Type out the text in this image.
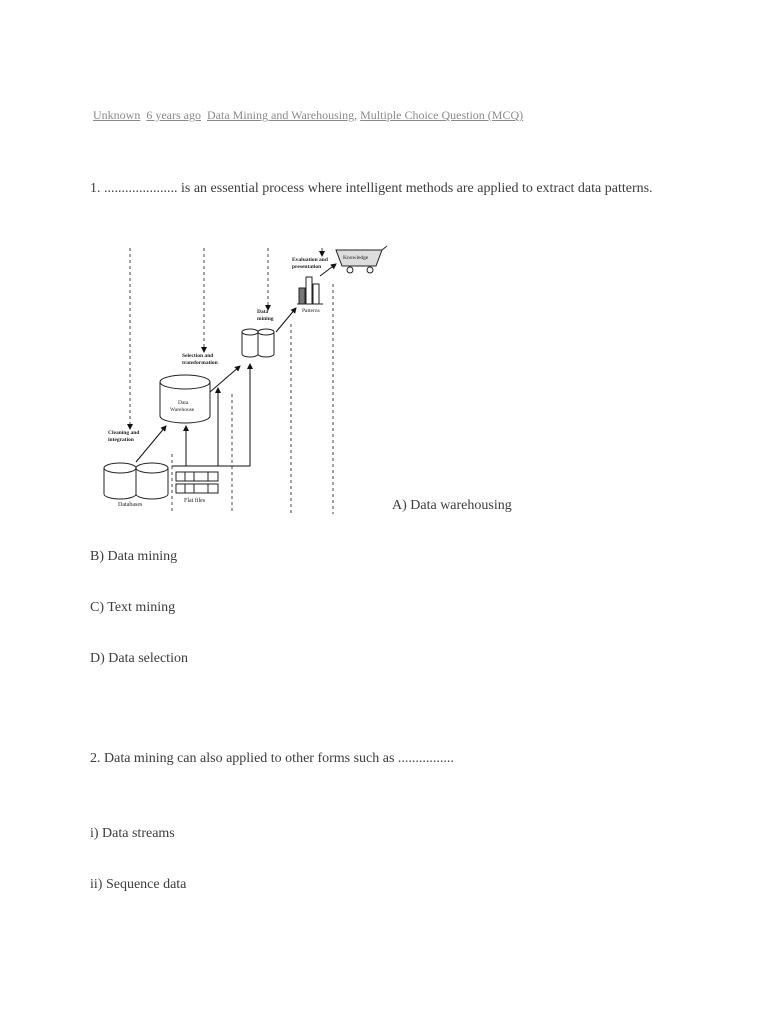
Unknown 6 years ago Data Mining and Warehousing, Multiple Choice Question (MCQ)
1. ..................... is an essential process where intelligent methods are applied to extract data patterns.
Databases
Flat files
Cleaning and
integration
Data
Warehouse
Selection and
transformation
Data
mining
Patterns
Evaluation and
presentation
Knowledge
A) Data warehousing
B) Data mining
C) Text mining
D) Data selection
2. Data mining can also applied to other forms such as ................
i) Data streams
ii) Sequence data
